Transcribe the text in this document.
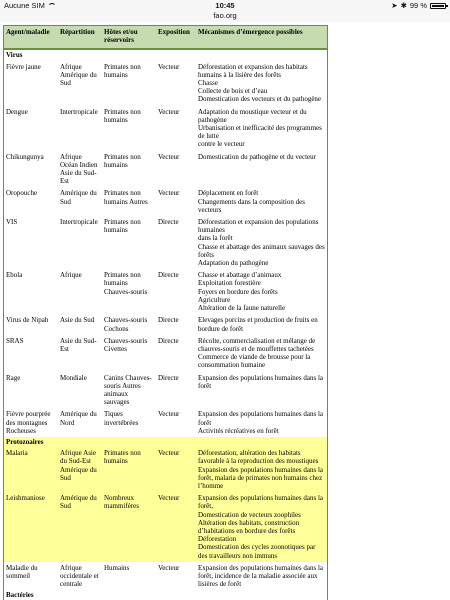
Aucune SIM	10:45	➤ ✱ 99 %
fao.org
Agent/maladie	Répartition	Hôtes et/ou réservoirs	Exposition	Mécanismes d’émergence possibles
Virus				
Fièvre jaune	Afrique Amérique du Sud	Primates non humains	Vecteur	Déforestation et expansion des habitats humains à la lisière des forêts
Chasse
Collecte de bois et d’eau
Domestication des vecteurs et du pathogène

Dengue	Intertropicale	Primates non humains	Vecteur	Adaptation du moustique vecteur et du pathogène
Urbanisation et inefficacité des programmes de lutte
contre le vecteur

Chikungunya	Afrique Océan Indien Asie du Sud-Est	Primates non humains	Vecteur	Domestication du pathogène et du vecteur

Oropouche	Amérique du Sud	Primates non humains Autres	Vecteur	Déplacement en forêt
Changements dans la composition des vecteurs

VIS	Intertropicale	Primates non humains	Directe	Déforestation et expansion des populations humaines
dans la forêt
Chasse et abattage des animaux sauvages des forêts
Adaptation du pathogène

Ebola	Afrique	Primates non humains Chauves-souris	Directe	Chasse et abattage d’animaux
Exploitation forestière
Foyers en bordure des forêts
Agriculture
Altération de la faune naturelle

Virus de Nipah	Asie du Sud	Chauves-souris Cochons	Directe	Elevages porcins et production de fruits en bordure de forêt

SRAS	Asie du Sud-Est	Chauves-souris Civettes	Directe	Récolte, commercialisation et mélange de chauves-souris et de mouffettes tachetées
Commerce de viande de brousse pour la consommation humaine

Rage	Mondiale	Canins Chauves-souris Autres animaux sauvages	Directe	Expansion des populations humaines dans la forêt

Fièvre pourprée des montagnes Rocheuses	Amérique du Nord	Tiques invertébrées	Vecteur	Expansion des populations humaines dans la forêt
Activités récréatives en forêt

Protozoaires				
Malaria	Afrique Asie du Sud-Est Amérique du Sud	Primates non humains	Vecteur	Déforestation, altération des habitats favorable à la reproduction des moustiques
Expansion des populations humaines dans la forêt, malaria de primates non humains chez l’homme

Leishmaniose	Amérique du Sud	Nombreux mammifères	Vecteur	Expansion des populations humaines dans la forêt,
Domestication de vecteurs zoophiles
Altération des habitats, construction d’habitations en bordure des forêts
Déforestation
Domestication des cycles zoonotiques par des travailleurs non immuns

Maladie du sommeil	Afrique occidentale et centrale	Humains	Vecteur	Expansion des populations humaines dans la forêt, incidence de la maladie associée aux lisières de forêt

Bactéries				
